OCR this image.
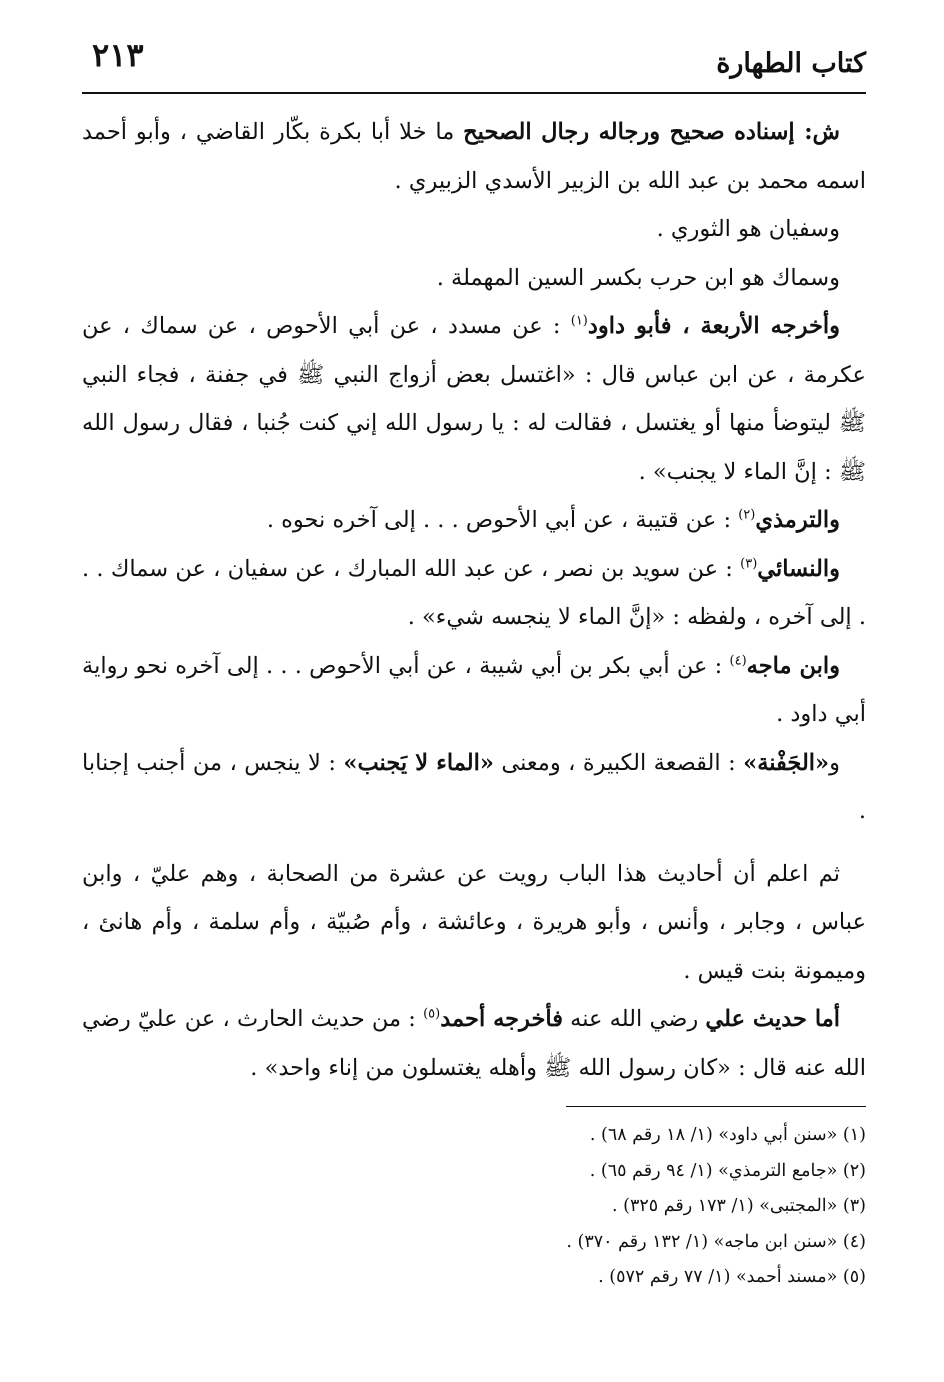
كتاب الطهارة
٢١٣

ش: إسناده صحيح ورجاله رجال الصحيح ما خلا أبا بكرة بكّار القاضي ، وأبو أحمد اسمه محمد بن عبد الله بن الزبير الأسدي الزبيري .

وسفيان هو الثوري .

وسماك هو ابن حرب بكسر السين المهملة .

وأخرجه الأربعة ، فأبو داود$^{(١)}$ : عن مسدد ، عن أبي الأحوص ، عن سماك ، عن عكرمة ، عن ابن عباس قال : «اغتسل بعض أزواج النبي ﷺ في جفنة ، فجاء النبي ﷺ ليتوضأ منها أو يغتسل ، فقالت له : يا رسول الله إني كنت جُنبا ، فقال رسول الله ﷺ : إنَّ الماء لا يجنب» .

والترمذي$^{(٢)}$ : عن قتيبة ، عن أبي الأحوص . . . إلى آخره نحوه .

والنسائي$^{(٣)}$ : عن سويد بن نصر ، عن عبد الله المبارك ، عن سفيان ، عن سماك . . . إلى آخره ، ولفظه : «إنَّ الماء لا ينجسه شيء» .

وابن ماجه$^{(٤)}$ : عن أبي بكر بن أبي شيبة ، عن أبي الأحوص . . . إلى آخره نحو رواية أبي داود .

و«الجَفْنة» : القصعة الكبيرة ، ومعنى «الماء لا يَجنب» : لا ينجس ، من أجنب إجنابا .

ثم اعلم أن أحاديث هذا الباب رويت عن عشرة من الصحابة ، وهم عليّ ، وابن عباس ، وجابر ، وأنس ، وأبو هريرة ، وعائشة ، وأم صُبيّة ، وأم سلمة ، وأم هانئ ، وميمونة بنت قيس .

أما حديث علي رضي الله عنه فأخرجه أحمد$^{(٥)}$ : من حديث الحارث ، عن عليّ رضي الله عنه قال : «كان رسول الله ﷺ وأهله يغتسلون من إناء واحد» .

(١) «سنن أبي داود» (١/ ١٨ رقم ٦٨) .

(٢) «جامع الترمذي» (١/ ٩٤ رقم ٦٥) .

(٣) «المجتبى» (١/ ١٧٣ رقم ٣٢٥) .

(٤) «سنن ابن ماجه» (١/ ١٣٢ رقم ٣٧٠) .

(٥) «مسند أحمد» (١/ ٧٧ رقم ٥٧٢) .
